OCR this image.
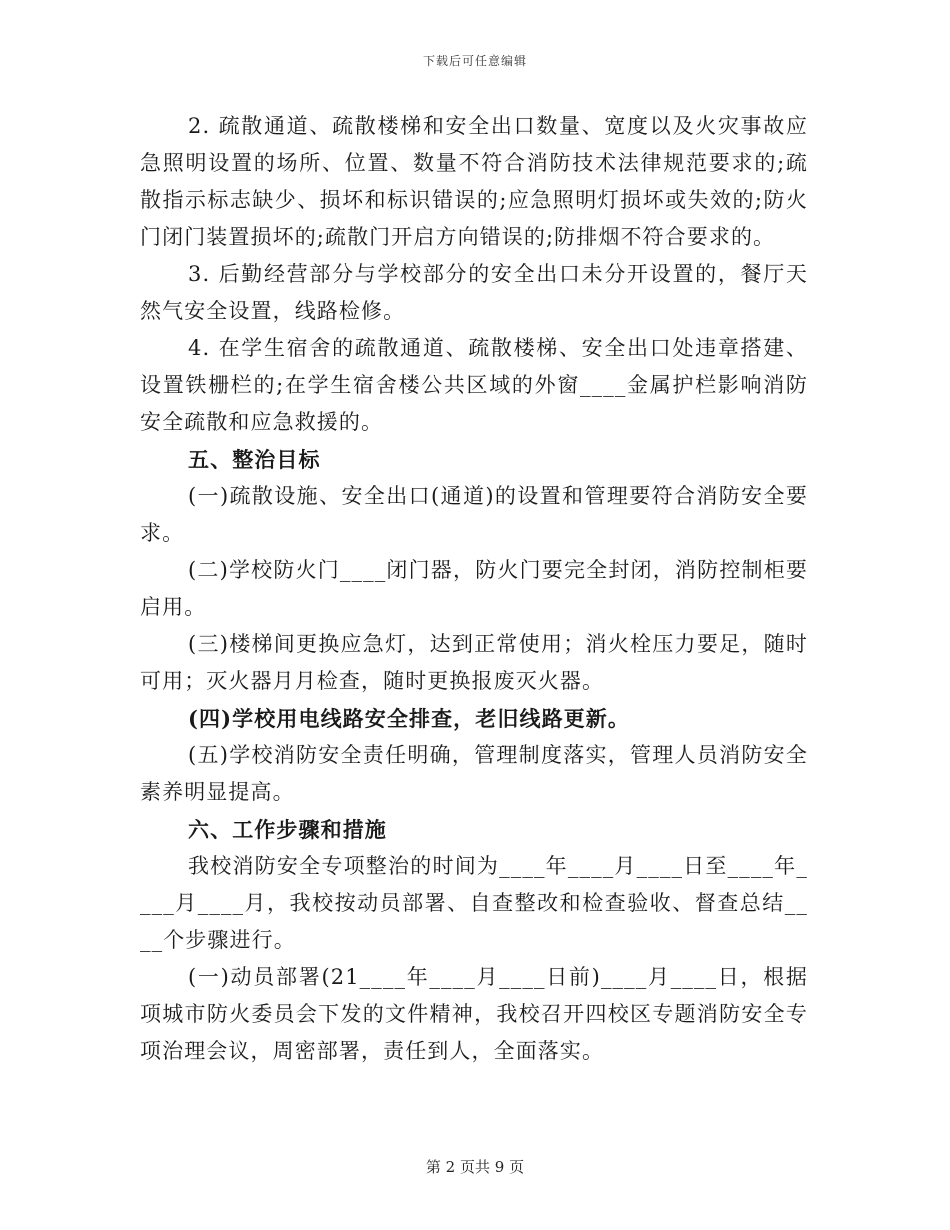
下载后可任意编辑

2. 疏散通道、疏散楼梯和安全出口数量、宽度以及火灾事故应急照明设置的场所、位置、数量不符合消防技术法律规范要求的;疏散指示标志缺少、损坏和标识错误的;应急照明灯损坏或失效的;防火门闭门装置损坏的;疏散门开启方向错误的;防排烟不符合要求的。

3. 后勤经营部分与学校部分的安全出口未分开设置的，餐厅天然气安全设置，线路检修。

4. 在学生宿舍的疏散通道、疏散楼梯、安全出口处违章搭建、设置铁栅栏的;在学生宿舍楼公共区域的外窗____金属护栏影响消防安全疏散和应急救援的。

五、整治目标

(一)疏散设施、安全出口(通道)的设置和管理要符合消防安全要求。

(二)学校防火门____闭门器，防火门要完全封闭，消防控制柜要启用。

(三)楼梯间更换应急灯，达到正常使用；消火栓压力要足，随时可用；灭火器月月检查，随时更换报废灭火器。

(四)学校用电线路安全排查，老旧线路更新。

(五)学校消防安全责任明确，管理制度落实，管理人员消防安全素养明显提高。

六、工作步骤和措施

我校消防安全专项整治的时间为____年____月____日至____年____月____月，我校按动员部署、自查整改和检查验收、督查总结____个步骤进行。

(一)动员部署(21____年____月____日前)____月____日，根据项城市防火委员会下发的文件精神，我校召开四校区专题消防安全专项治理会议，周密部署，责任到人，全面落实。

第 2 页共 9 页
